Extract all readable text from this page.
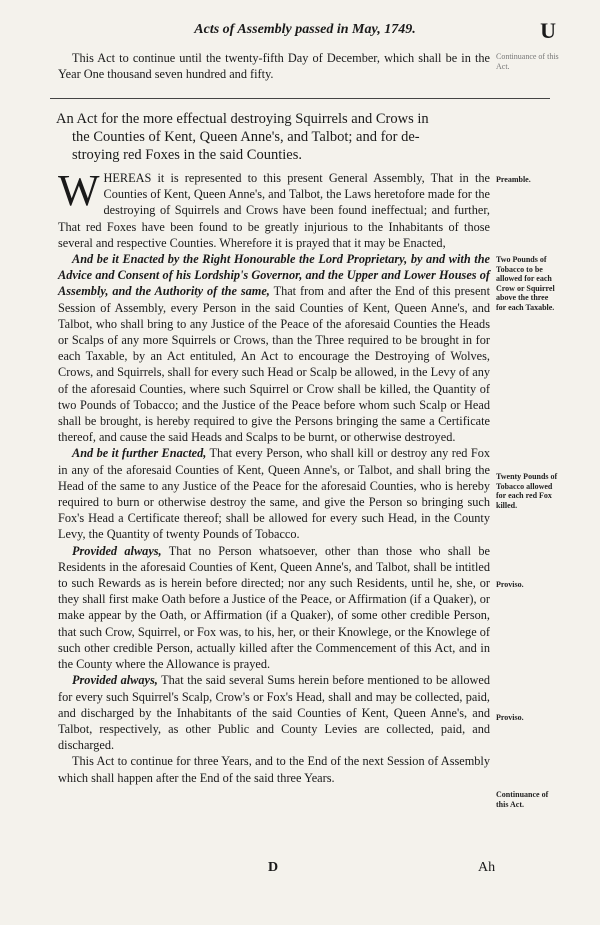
Acts of Assembly passed in May, 1749.	U

This Act to continue until the twenty-fifth Day of December, which shall be in the Year One thousand seven hundred and fifty.

An Act for the more effectual destroying Squirrels and Crows in
the Counties of Kent, Queen Anne's, and Talbot; and for de-
stroying red Foxes in the said Counties.

WHEREAS it is represented to this present General Assembly, That in the Counties of Kent, Queen Anne's, and Talbot, the Laws heretofore made for the destroying of Squirrels and Crows have been found ineffectual; and further, That red Foxes have been found to be greatly injurious to the Inhabitants of those several and respective Counties. Wherefore it is prayed that it may be Enacted,

And be it Enacted by the Right Honourable the Lord Proprietary, by and with the Advice and Consent of his Lordship's Governor, and the Upper and Lower Houses of Assembly, and the Authority of the same, That from and after the End of this present Session of Assembly, every Person in the said Counties of Kent, Queen Anne's, and Talbot, who shall bring to any Justice of the Peace of the aforesaid Counties the Heads or Scalps of any more Squirrels or Crows, than the Three required to be brought in for each Taxable, by an Act entituled, An Act to encourage the Destroying of Wolves, Crows, and Squirrels, shall for every such Head or Scalp be allowed, in the Levy of any of the aforesaid Counties, where such Squirrel or Crow shall be killed, the Quantity of two Pounds of Tobacco; and the Justice of the Peace before whom such Scalp or Head shall be brought, is hereby required to give the Persons bringing the same a Certificate thereof, and cause the said Heads and Scalps to be burnt, or otherwise destroyed.

And be it further Enacted, That every Person, who shall kill or destroy any red Fox in any of the aforesaid Counties of Kent, Queen Anne's, or Talbot, and shall bring the Head of the same to any Justice of the Peace for the aforesaid Counties, who is hereby required to burn or otherwise destroy the same, and give the Person so bringing such Fox's Head a Certificate thereof; shall be allowed for every such Head, in the County Levy, the Quantity of twenty Pounds of Tobacco.

Provided always, That no Person whatsoever, other than those who shall be Residents in the aforesaid Counties of Kent, Queen Anne's, and Talbot, shall be intitled to such Rewards as is herein before directed; nor any such Residents, until he, she, or they shall first make Oath before a Justice of the Peace, or Affirmation (if a Quaker), or make appear by the Oath, or Affirmation (if a Quaker), of some other credible Person, that such Crow, Squirrel, or Fox was, to his, her, or their Knowlege, or the Knowlege of such other credible Person, actually killed after the Commencement of this Act, and in the County where the Allowance is prayed.

Provided always, That the said several Sums herein before mentioned to be allowed for every such Squirrel's Scalp, Crow's or Fox's Head, shall and may be collected, paid, and discharged by the Inhabitants of the said Counties of Kent, Queen Anne's, and Talbot, respectively, as other Public and County Levies are collected, paid, and discharged.

This Act to continue for three Years, and to the End of the next Session of Assembly which shall happen after the End of the said three Years.

Continuance of this Act.
Preamble.
Two Pounds of Tobacco to be allowed for each Crow or Squirrel above the three for each Taxable.
Twenty Pounds of Tobacco allowed for each red Fox killed.
Proviso.
Proviso.
Continuance of this Act.
D	Ah
